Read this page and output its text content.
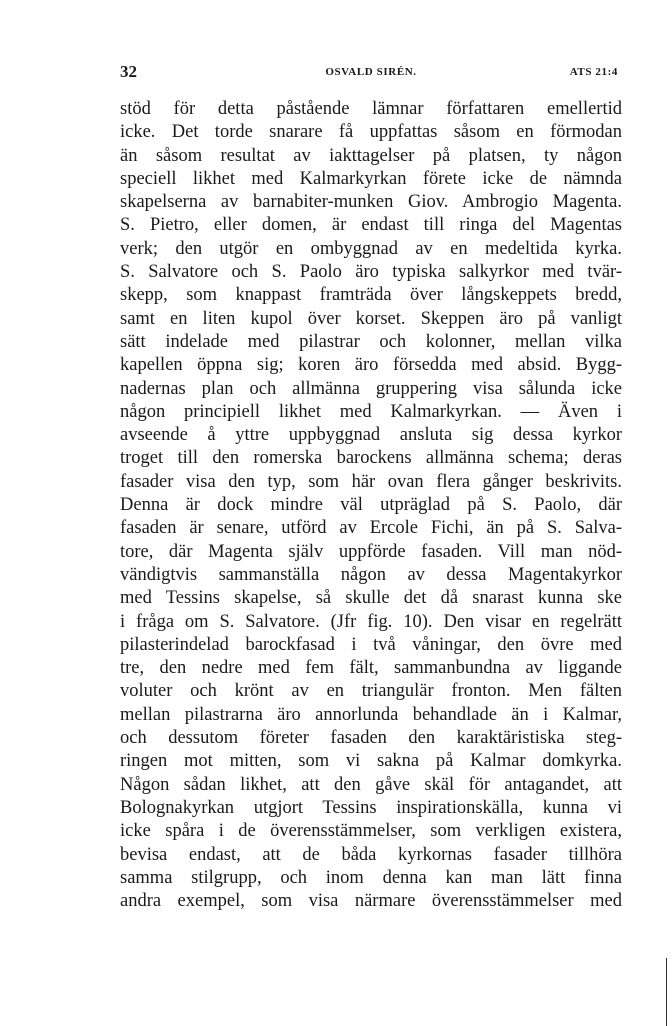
32	OSVALD SIRÉN.	ATS 21:4
stöd för detta påstående lämnar författaren emellertid
icke. Det torde snarare få uppfattas såsom en förmodan
än såsom resultat av iakttagelser på platsen, ty någon
speciell likhet med Kalmarkyrkan förete icke de nämnda
skapelserna av barnabiter-munken Giov. Ambrogio Magenta.
S. Pietro, eller domen, är endast till ringa del Magentas
verk; den utgör en ombyggnad av en medeltida kyrka.
S. Salvatore och S. Paolo äro typiska salkyrkor med tvär-
skepp, som knappast framträda över långskeppets bredd,
samt en liten kupol över korset. Skeppen äro på vanligt
sätt indelade med pilastrar och kolonner, mellan vilka
kapellen öppna sig; koren äro försedda med absid. Bygg-
nadernas plan och allmänna gruppering visa sålunda icke
någon principiell likhet med Kalmarkyrkan. — Även i
avseende å yttre uppbyggnad ansluta sig dessa kyrkor
troget till den romerska barockens allmänna schema; deras
fasader visa den typ, som här ovan flera gånger beskrivits.
Denna är dock mindre väl utpräglad på S. Paolo, där
fasaden är senare, utförd av Ercole Fichi, än på S. Salva-
tore, där Magenta själv uppförde fasaden. Vill man nöd-
vändigtvis sammanställa någon av dessa Magentakyrkor
med Tessins skapelse, så skulle det då snarast kunna ske
i fråga om S. Salvatore. (Jfr fig. 10). Den visar en regelrätt
pilasterindelad barockfasad i två våningar, den övre med
tre, den nedre med fem fält, sammanbundna av liggande
voluter och krönt av en triangulär fronton. Men fälten
mellan pilastrarna äro annorlunda behandlade än i Kalmar,
och dessutom företer fasaden den karaktäristiska steg-
ringen mot mitten, som vi sakna på Kalmar domkyrka.
Någon sådan likhet, att den gåve skäl för antagandet, att
Bolognakyrkan utgjort Tessins inspirationskälla, kunna vi
icke spåra i de överensstämmelser, som verkligen existera,
bevisa endast, att de båda kyrkornas fasader tillhöra
samma stilgrupp, och inom denna kan man lätt finna
andra exempel, som visa närmare överensstämmelser med
